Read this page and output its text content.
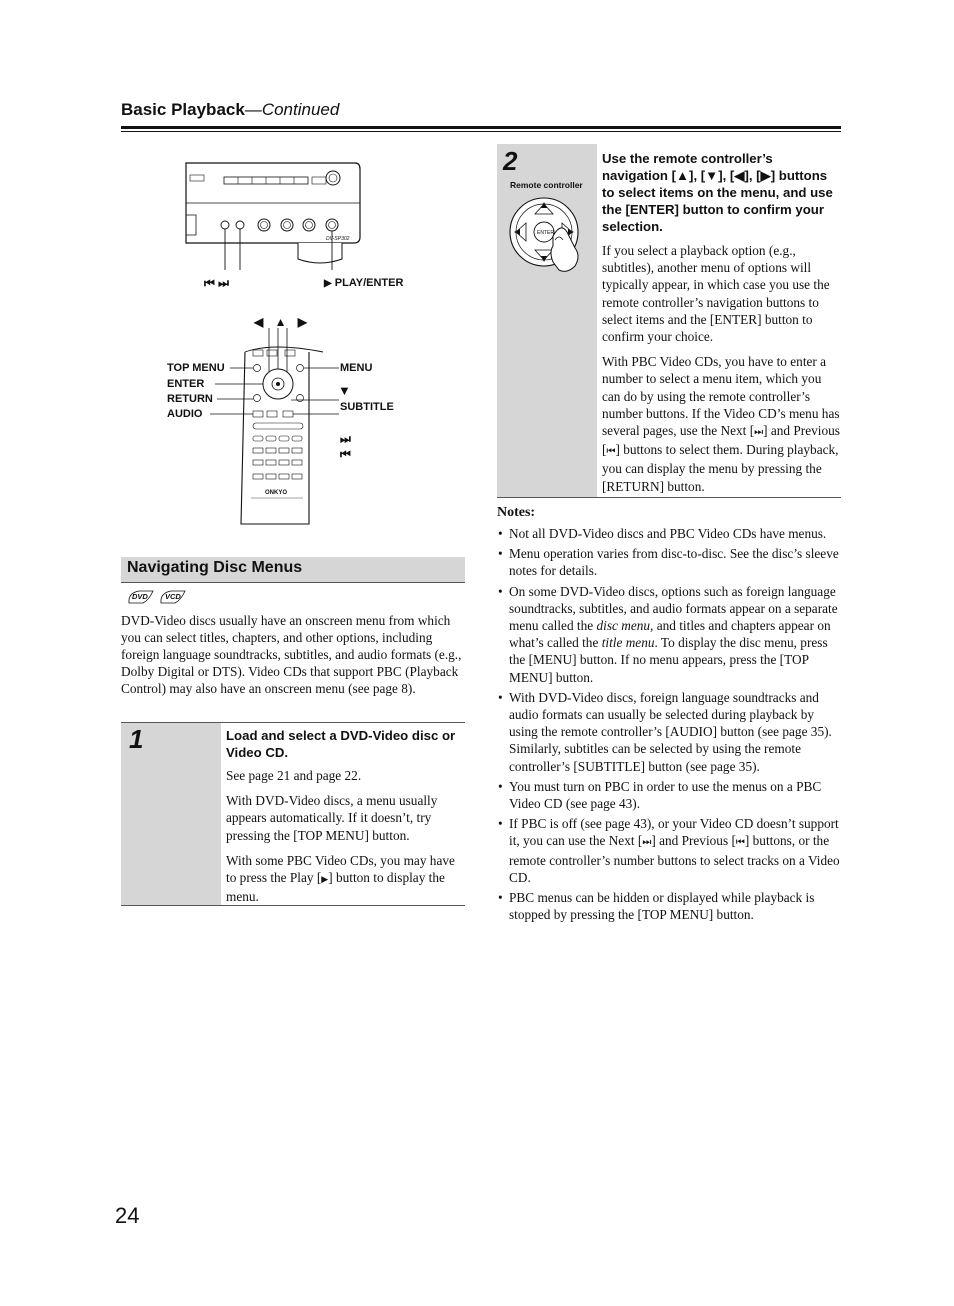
Basic Playback—Continued
DV-SP302
⏮ ⏭	▶ PLAY/ENTER
◀ ▲ ▶
ONKYO
TOP MENU
ENTER
RETURN
AUDIO
MENU
▼
SUBTITLE
⏭
⏮
Navigating Disc Menus
DVD VCD
DVD-Video discs usually have an onscreen menu from which you can select titles, chapters, and other options, including foreign language soundtracks, subtitles, and audio formats (e.g., Dolby Digital or DTS). Video CDs that support PBC (Playback Control) may also have an onscreen menu (see page 8).
1	Load and select a DVD-Video disc or Video CD.

See page 21 and page 22.

With DVD-Video discs, a menu usually appears automatically. If it doesn’t, try pressing the [TOP MENU] button.

With some PBC Video CDs, you may have to press the Play [▶] button to display the menu.

2
Remote controller
ENTER
Use the remote controller’s navigation [▲], [▼], [◀], [▶] buttons to select items on the menu, and use the [ENTER] button to confirm your selection.

If you select a playback option (e.g., subtitles), another menu of options will typically appear, in which case you use the remote controller’s navigation buttons to select items and the [ENTER] button to confirm your choice.

With PBC Video CDs, you have to enter a number to select a menu item, which you can do by using the remote controller’s number buttons. If the Video CD’s menu has several pages, use the Next [⏭] and Previous [⏮] buttons to select them. During playback, you can display the menu by pressing the [RETURN] button.

Notes:
• Not all DVD-Video discs and PBC Video CDs have menus.
• Menu operation varies from disc-to-disc. See the disc’s sleeve notes for details.
• On some DVD-Video discs, options such as foreign language soundtracks, subtitles, and audio formats appear on a separate menu called the disc menu, and titles and chapters appear on what’s called the title menu. To display the disc menu, press the [MENU] button. If no menu appears, press the [TOP MENU] button.
• With DVD-Video discs, foreign language soundtracks and audio formats can usually be selected during playback by using the remote controller’s [AUDIO] button (see page 35). Similarly, subtitles can be selected by using the remote controller’s [SUBTITLE] button (see page 35).
• You must turn on PBC in order to use the menus on a PBC Video CD (see page 43).
• If PBC is off (see page 43), or your Video CD doesn’t support it, you can use the Next [⏭] and Previous [⏮] buttons, or the remote controller’s number buttons to select tracks on a Video CD.
• PBC menus can be hidden or displayed while playback is stopped by pressing the [TOP MENU] button.
24
